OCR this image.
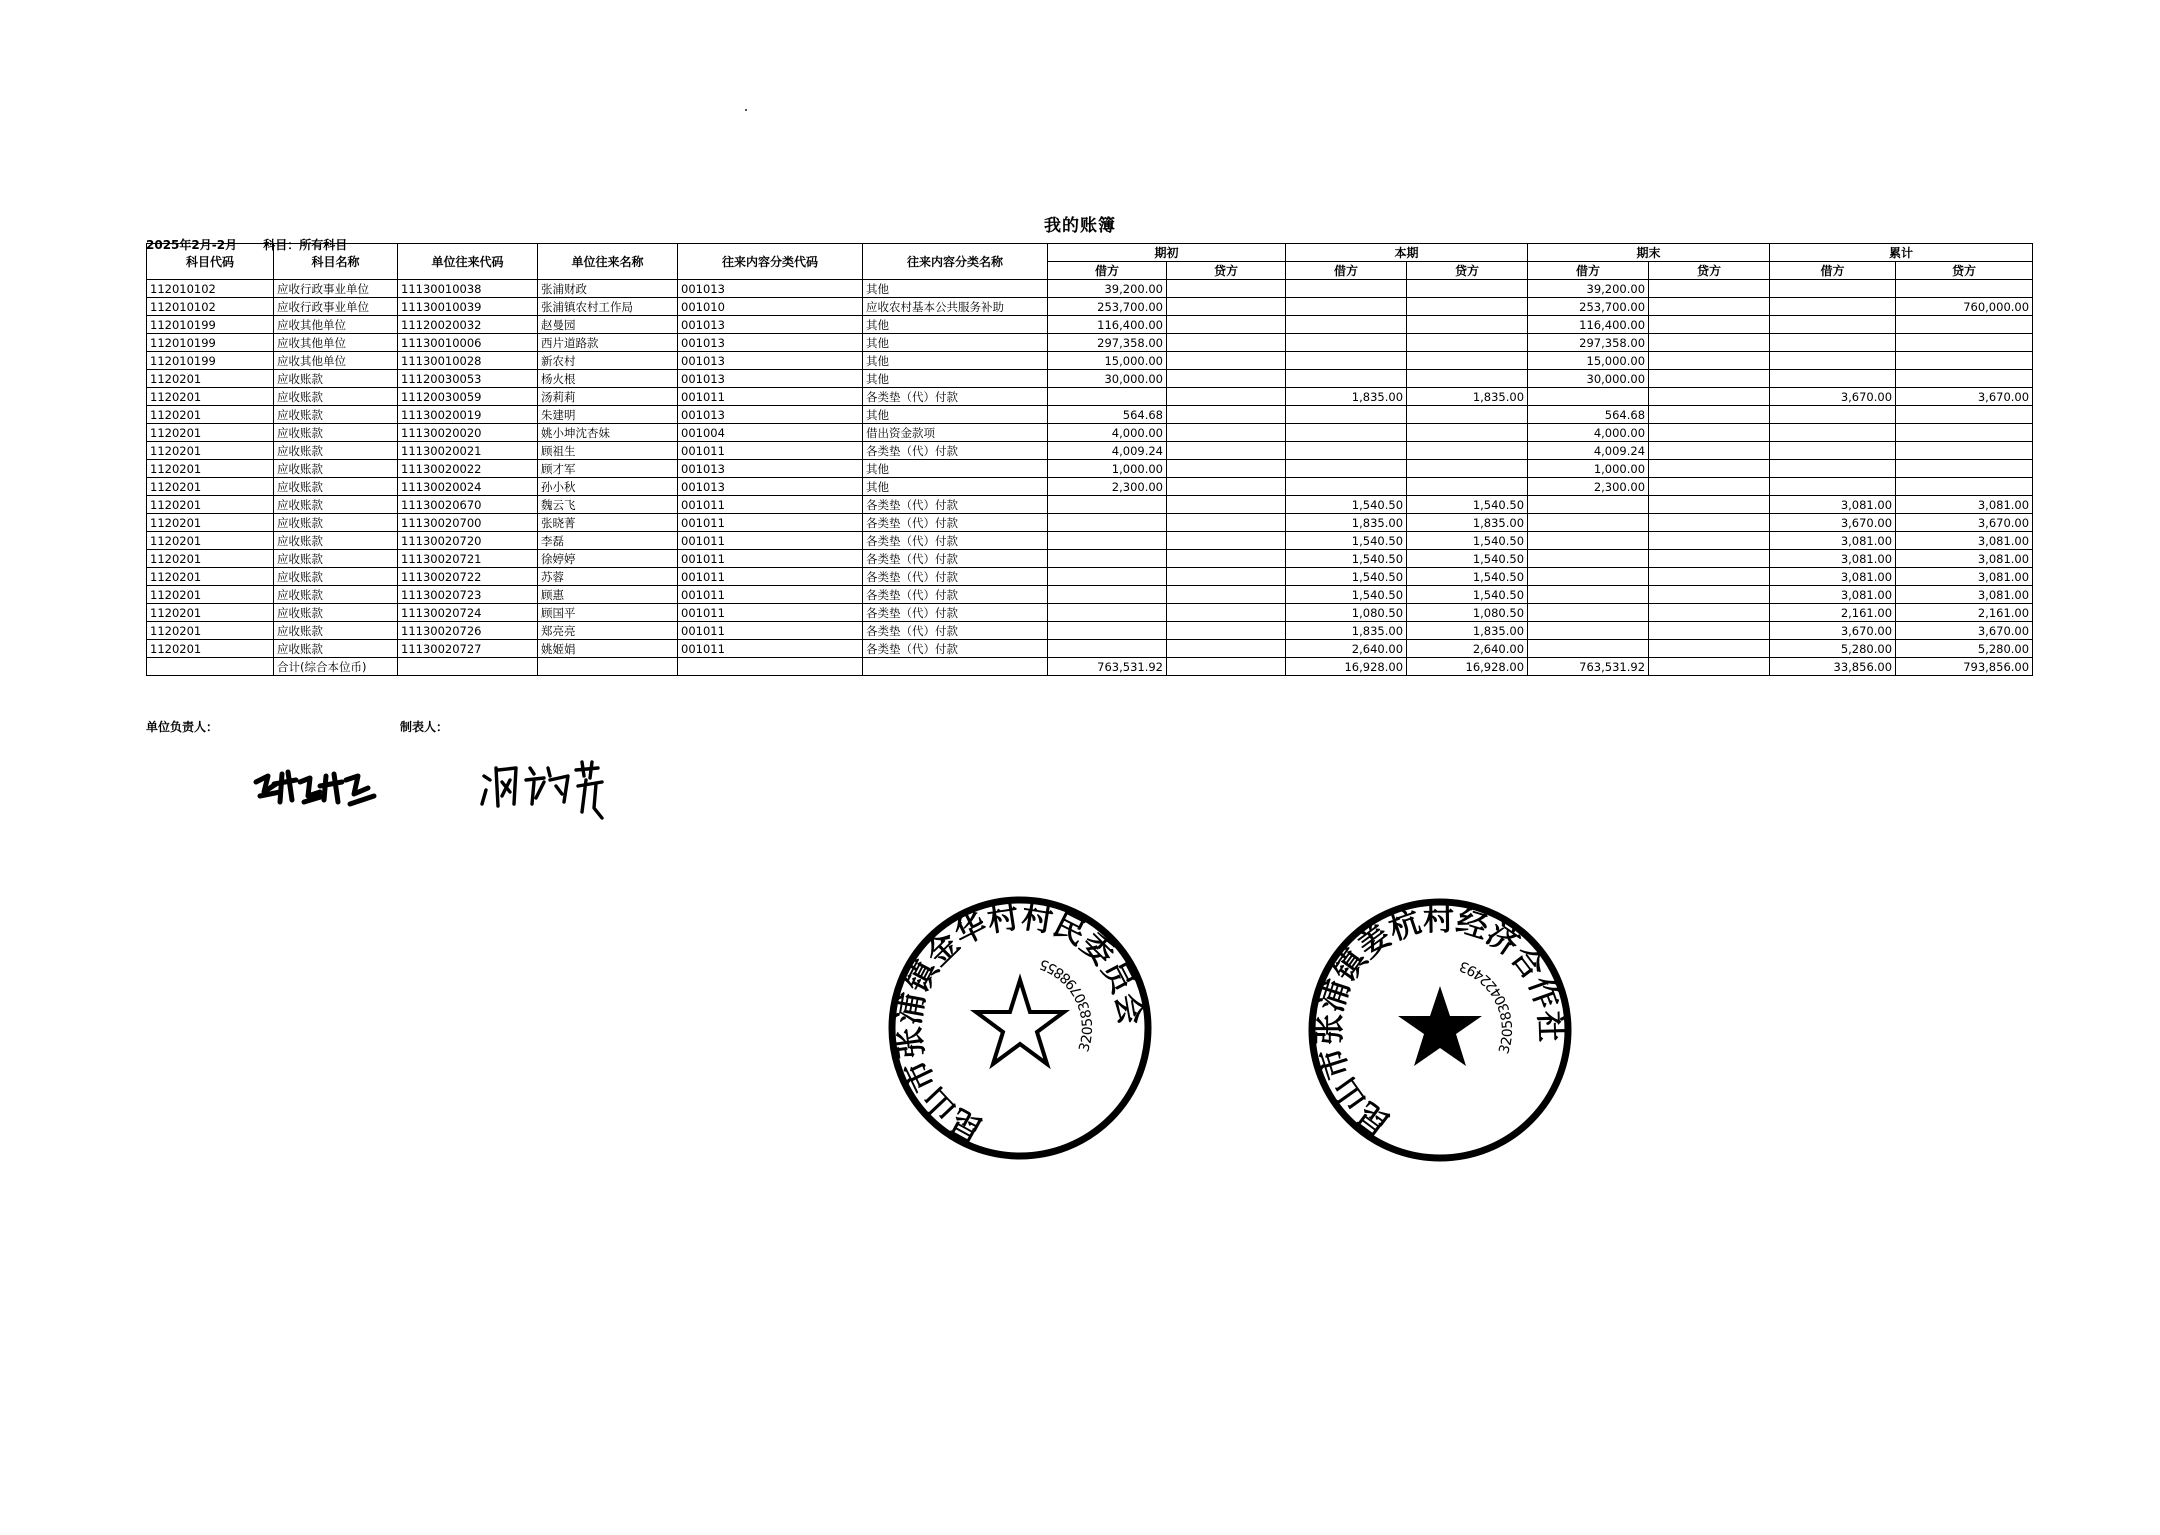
我的账簿
2025年2月-2月 科目：所有科目
科目代码	科目名称	单位往来代码	单位往来名称	往来内容分类代码	往来内容分类名称	期初		本期		期末		累计	
						借方	贷方	借方	贷方	借方	贷方	借方	贷方
112010102	应收行政事业单位	11130010038	张浦财政	001013	其他	39,200.00				39,200.00			
112010102	应收行政事业单位	11130010039	张浦镇农村工作局	001010	应收农村基本公共服务补助	253,700.00				253,700.00			760,000.00
112010199	应收其他单位	11120020032	赵曼园	001013	其他	116,400.00				116,400.00			
112010199	应收其他单位	11130010006	西片道路款	001013	其他	297,358.00				297,358.00			
112010199	应收其他单位	11130010028	新农村	001013	其他	15,000.00				15,000.00			
1120201	应收账款	11120030053	杨火根	001013	其他	30,000.00				30,000.00			
1120201	应收账款	11120030059	汤莉莉	001011	各类垫（代）付款			1,835.00	1,835.00			3,670.00	3,670.00
1120201	应收账款	11130020019	朱建明	001013	其他	564.68				564.68			
1120201	应收账款	11130020020	姚小坤沈杏妹	001004	借出资金款项	4,000.00				4,000.00			
1120201	应收账款	11130020021	顾祖生	001011	各类垫（代）付款	4,009.24				4,009.24			
1120201	应收账款	11130020022	顾才军	001013	其他	1,000.00				1,000.00			
1120201	应收账款	11130020024	孙小秋	001013	其他	2,300.00				2,300.00			
1120201	应收账款	11130020670	魏云飞	001011	各类垫（代）付款			1,540.50	1,540.50			3,081.00	3,081.00
1120201	应收账款	11130020700	张晓菁	001011	各类垫（代）付款			1,835.00	1,835.00			3,670.00	3,670.00
1120201	应收账款	11130020720	李磊	001011	各类垫（代）付款			1,540.50	1,540.50			3,081.00	3,081.00
1120201	应收账款	11130020721	徐婷婷	001011	各类垫（代）付款			1,540.50	1,540.50			3,081.00	3,081.00
1120201	应收账款	11130020722	苏蓉	001011	各类垫（代）付款			1,540.50	1,540.50			3,081.00	3,081.00
1120201	应收账款	11130020723	顾惠	001011	各类垫（代）付款			1,540.50	1,540.50			3,081.00	3,081.00
1120201	应收账款	11130020724	顾国平	001011	各类垫（代）付款			1,080.50	1,080.50			2,161.00	2,161.00
1120201	应收账款	11130020726	郑亮亮	001011	各类垫（代）付款			1,835.00	1,835.00			3,670.00	3,670.00
1120201	应收账款	11130020727	姚姬娟	001011	各类垫（代）付款			2,640.00	2,640.00			5,280.00	5,280.00
	合计(综合本位币)					763,531.92		16,928.00	16,928.00	763,531.92		33,856.00	793,856.00
单位负责人：	制表人：
昆山市张浦镇金华村村民委员会
3205830798855
昆山市张浦镇姜杭村经济合作社
3205830422493
